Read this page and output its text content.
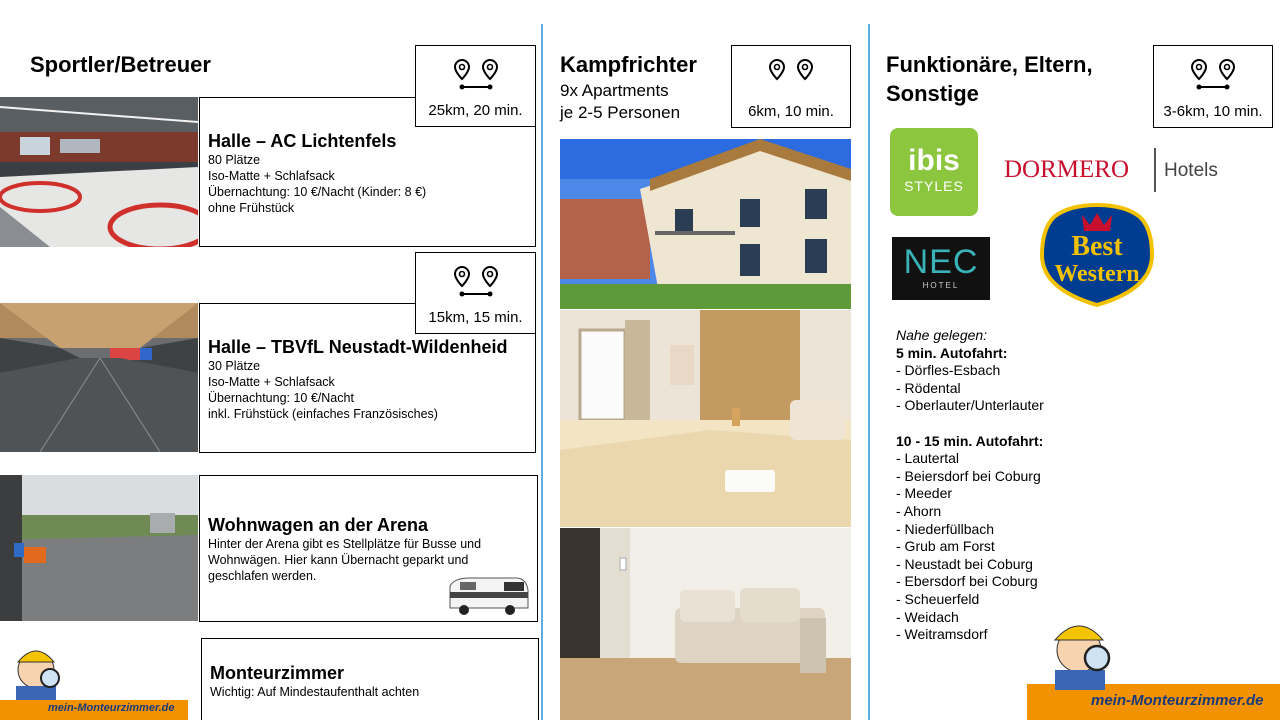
Sportler/Betreuer
Halle – AC Lichtenfels
80 Plätze
Iso-Matte + Schlafsack
Übernachtung: 10 €/Nacht (Kinder: 8 €)
ohne Frühstück
25km, 20 min.
Halle – TBVfL Neustadt-Wildenheid
30 Plätze
Iso-Matte + Schlafsack
Übernachtung: 10 €/Nacht
inkl. Frühstück (einfaches Französisches)
15km, 15 min.
Wohnwagen an der Arena
Hinter der Arena gibt es Stellplätze für Busse und
Wohnwägen. Hier kann Übernacht geparkt und
geschlafen werden.
Monteurzimmer
Wichtig: Auf Mindestaufenthalt achten
mein-Monteurzimmer.de
Kampfrichter
9x Apartments
je 2-5 Personen	6km, 10 min.
Funktionäre, Eltern,
Sonstige
3-6km, 10 min.
ibis
STYLES
DORMERO Hotels
NEC
HOTEL
Best
Western
Nahe gelegen:
5 min. Autofahrt:
- Dörfles-Esbach
- Rödental
- Oberlauter/Unterlauter
10 - 15 min. Autofahrt:
- Lautertal
- Beiersdorf bei Coburg
- Meeder
- Ahorn
- Niederfüllbach
- Grub am Forst
- Neustadt bei Coburg
- Ebersdorf bei Coburg
- Scheuerfeld
- Weidach
- Weitramsdorf
mein-Monteurzimmer.de
